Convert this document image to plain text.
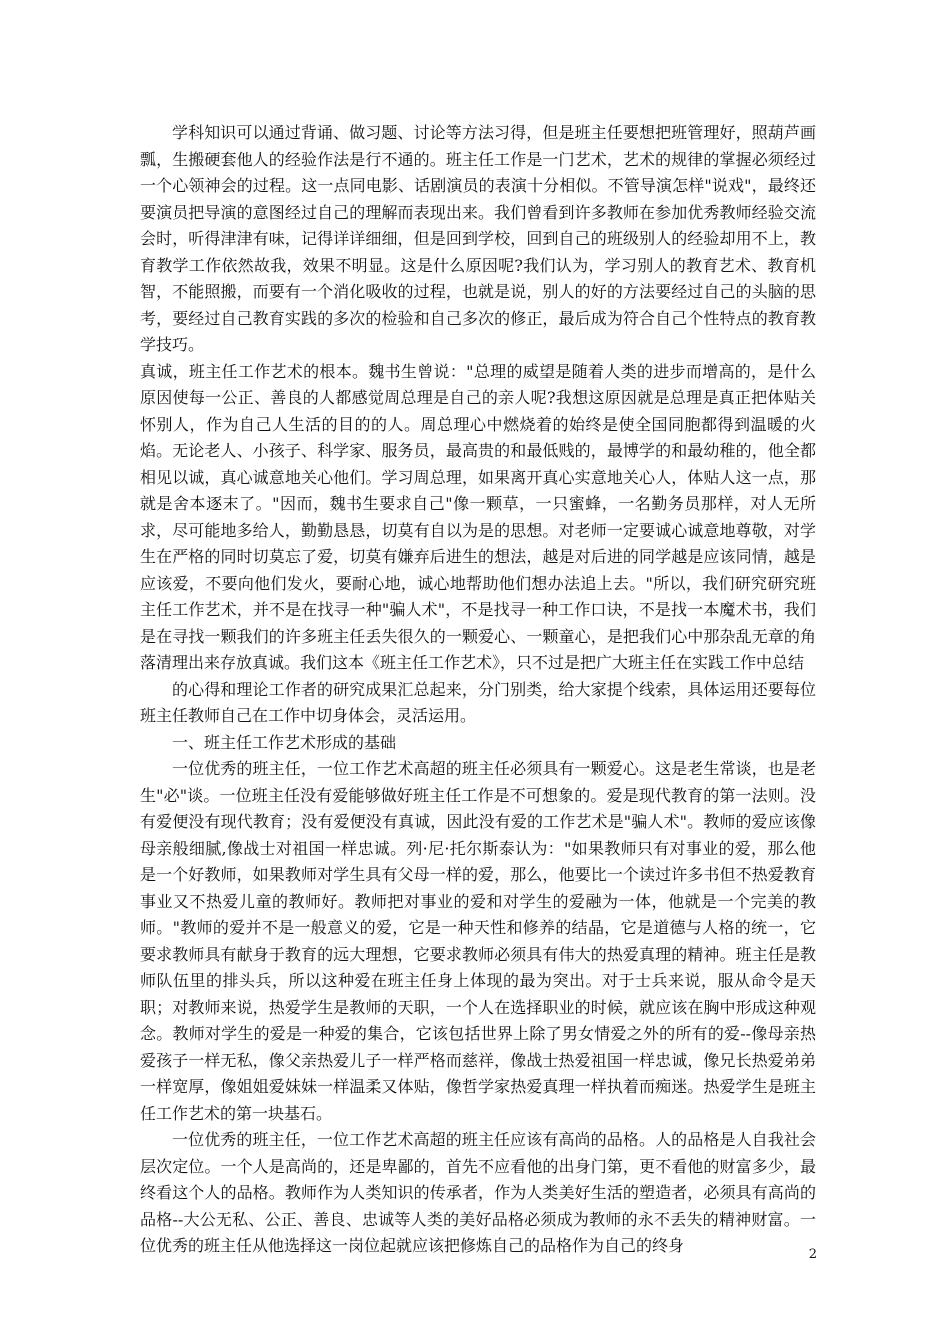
学科知识可以通过背诵、做习题、讨论等方法习得，但是班主任要想把班管理好，照葫芦画瓢，生搬硬套他人的经验作法是行不通的。班主任工作是一门艺术，艺术的规律的掌握必须经过一个心领神会的过程。这一点同电影、话剧演员的表演十分相似。不管导演怎样"说戏"，最终还要演员把导演的意图经过自己的理解而表现出来。我们曾看到许多教师在参加优秀教师经验交流会时，听得津津有味，记得详详细细，但是回到学校，回到自己的班级别人的经验却用不上，教育教学工作依然故我，效果不明显。这是什么原因呢?我们认为，学习别人的教育艺术、教育机智，不能照搬，而要有一个消化吸收的过程，也就是说，别人的好的方法要经过自己的头脑的思考，要经过自己教育实践的多次的检验和自己多次的修正，最后成为符合自己个性特点的教育教学技巧。

真诚，班主任工作艺术的根本。魏书生曾说："总理的威望是随着人类的进步而增高的，是什么原因使每一公正、善良的人都感觉周总理是自己的亲人呢?我想这原因就是总理是真正把体贴关怀别人，作为自己人生活的目的的人。周总理心中燃烧着的始终是使全国同胞都得到温暖的火焰。无论老人、小孩子、科学家、服务员，最高贵的和最低贱的，最博学的和最幼稚的，他全都相见以诚，真心诚意地关心他们。学习周总理，如果离开真心实意地关心人，体贴人这一点，那就是舍本逐末了。"因而，魏书生要求自己"像一颗草，一只蜜蜂，一名勤务员那样，对人无所求，尽可能地多给人，勤勤恳恳，切莫有自以为是的思想。对老师一定要诚心诚意地尊敬，对学生在严格的同时切莫忘了爱，切莫有嫌弃后进生的想法，越是对后进的同学越是应该同情，越是应该爱，不要向他们发火，要耐心地，诚心地帮助他们想办法追上去。"所以，我们研究研究班主任工作艺术，并不是在找寻一种"骗人术"，不是找寻一种工作口诀，不是找一本魔术书，我们是在寻找一颗我们的许多班主任丢失很久的一颗爱心、一颗童心，是把我们心中那杂乱无章的角落清理出来存放真诚。我们这本《班主任工作艺术》，只不过是把广大班主任在实践工作中总结

的心得和理论工作者的研究成果汇总起来，分门别类，给大家提个线索，具体运用还要每位班主任教师自己在工作中切身体会，灵活运用。

一、班主任工作艺术形成的基础

一位优秀的班主任，一位工作艺术高超的班主任必须具有一颗爱心。这是老生常谈，也是老生"必"谈。一位班主任没有爱能够做好班主任工作是不可想象的。爱是现代教育的第一法则。没有爱便没有现代教育；没有爱便没有真诚，因此没有爱的工作艺术是"骗人术"。教师的爱应该像母亲般细腻,像战士对祖国一样忠诚。列·尼·托尔斯泰认为："如果教师只有对事业的爱，那么他是一个好教师，如果教师对学生具有父母一样的爱，那么，他要比一个读过许多书但不热爱教育事业又不热爱儿童的教师好。教师把对事业的爱和对学生的爱融为一体，他就是一个完美的教师。"教师的爱并不是一般意义的爱，它是一种天性和修养的结晶，它是道德与人格的统一，它要求教师具有献身于教育的远大理想，它要求教师必须具有伟大的热爱真理的精神。班主任是教师队伍里的排头兵，所以这种爱在班主任身上体现的最为突出。对于士兵来说，服从命令是天职；对教师来说，热爱学生是教师的天职，一个人在选择职业的时候，就应该在胸中形成这种观念。教师对学生的爱是一种爱的集合，它该包括世界上除了男女情爱之外的所有的爱--像母亲热爱孩子一样无私，像父亲热爱儿子一样严格而慈祥，像战士热爱祖国一样忠诚，像兄长热爱弟弟一样宽厚，像姐姐爱妹妹一样温柔又体贴，像哲学家热爱真理一样执着而痴迷。热爱学生是班主任工作艺术的第一块基石。

一位优秀的班主任，一位工作艺术高超的班主任应该有高尚的品格。人的品格是人自我社会层次定位。一个人是高尚的，还是卑鄙的，首先不应看他的出身门第，更不看他的财富多少，最终看这个人的品格。教师作为人类知识的传承者，作为人类美好生活的塑造者，必须具有高尚的品格--大公无私、公正、善良、忠诚等人类的美好品格必须成为教师的永不丢失的精神财富。一位优秀的班主任从他选择这一岗位起就应该把修炼自己的品格作为自己的终身	2
